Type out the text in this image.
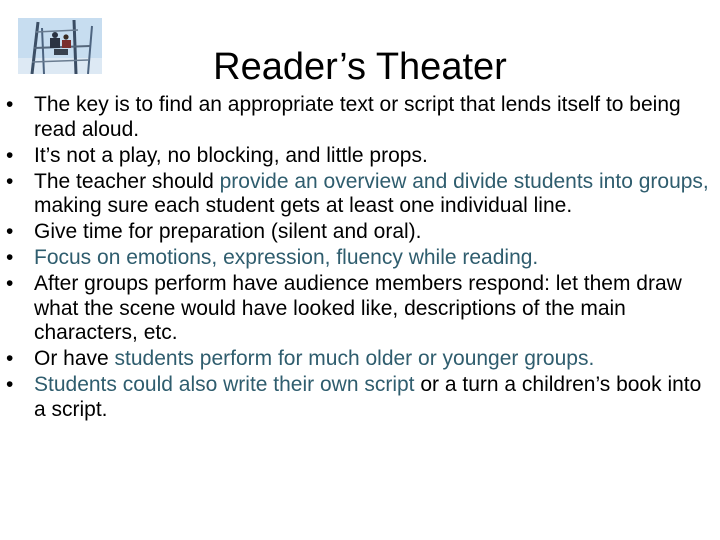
Reader’s Theater
• The key is to find an appropriate text or script that lends itself to being read aloud.
• It’s not a play, no blocking, and little props.
• The teacher should provide an overview and divide students into groups, making sure each student gets at least one individual line.
• Give time for preparation (silent and oral).
• Focus on emotions, expression, fluency while reading.
• After groups perform have audience members respond: let them draw what the scene would have looked like, descriptions of the main characters, etc.
• Or have students perform for much older or younger groups.
• Students could also write their own script or a turn a children’s book into a script.
